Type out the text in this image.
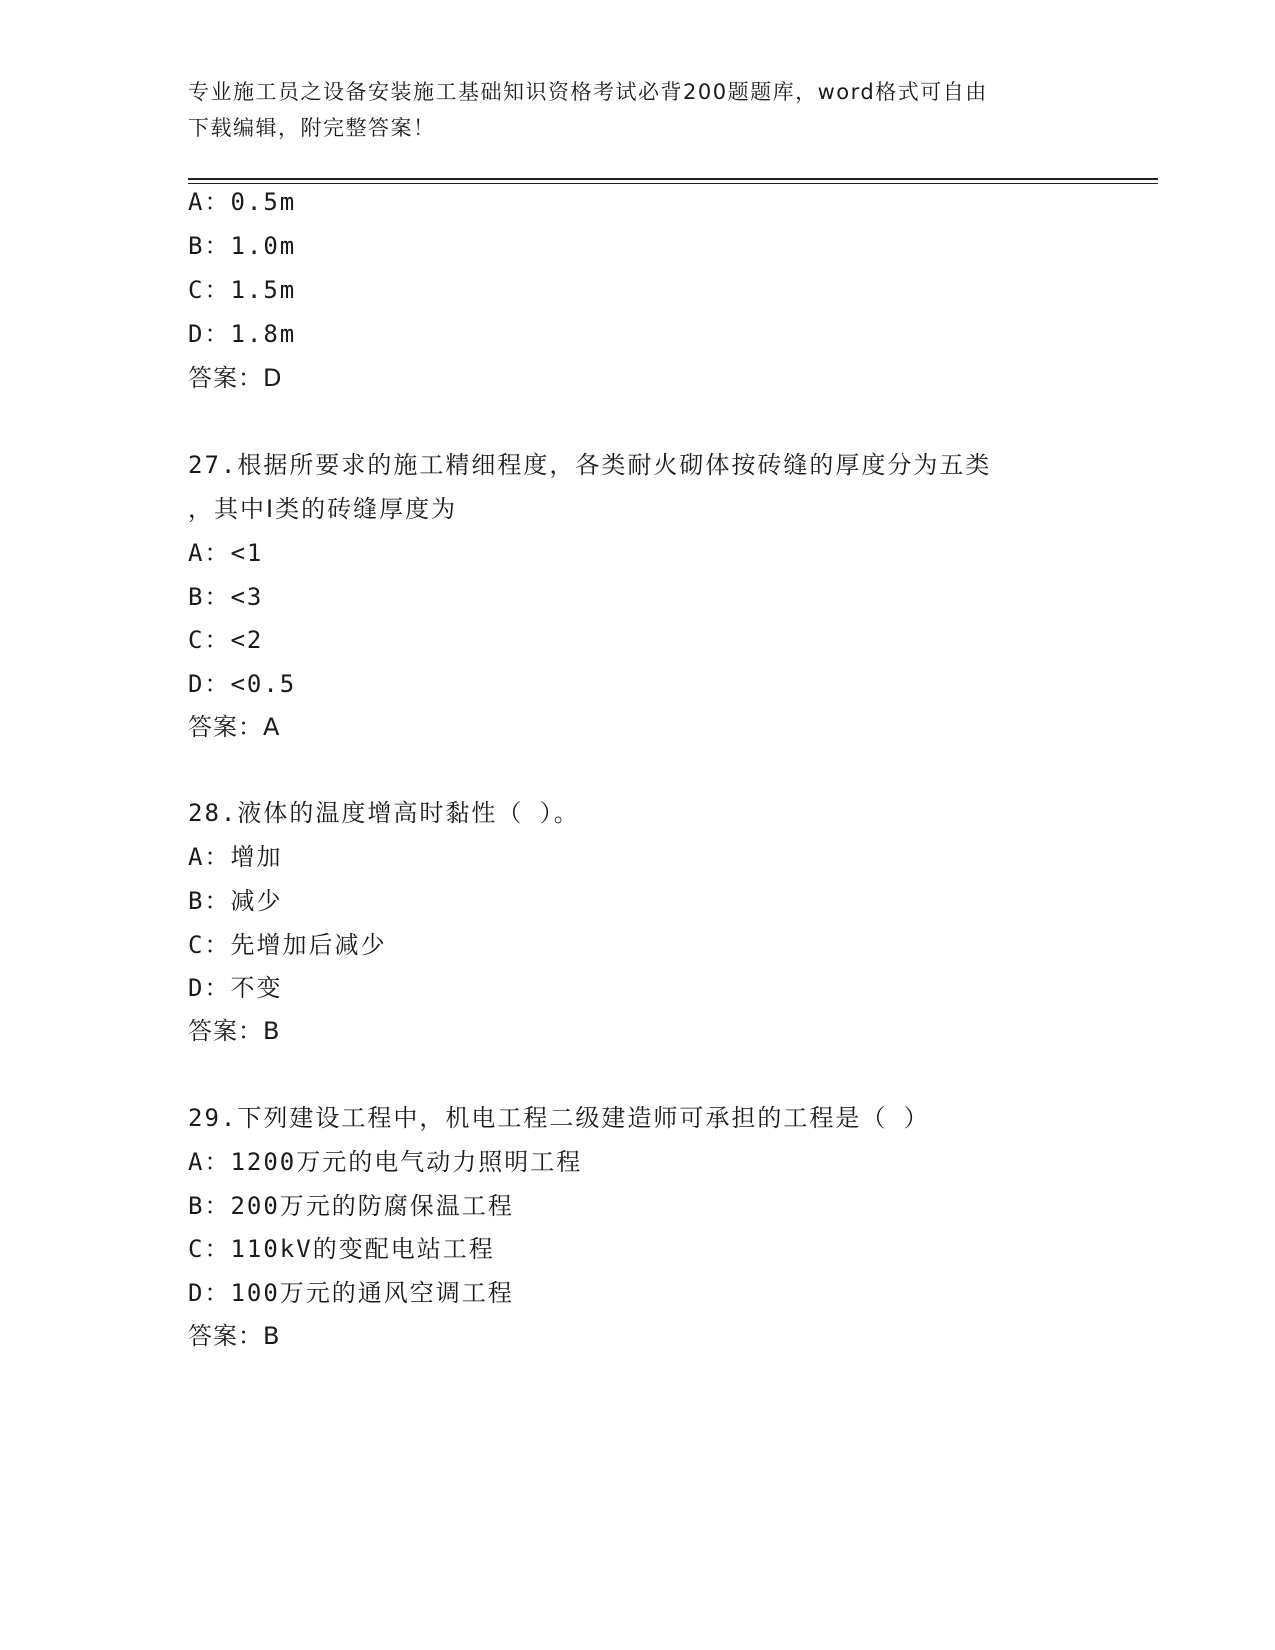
专业施工员之设备安装施工基础知识资格考试必背200题题库，word格式可自由
下载编辑，附完整答案！
A：0.5m
B：1.0m
C：1.5m
D：1.8m
答案：D
27.根据所要求的施工精细程度，各类耐火砌体按砖缝的厚度分为五类
，其中Ⅰ类的砖缝厚度为
A：<1
B：<3
C：<2
D：<0.5
答案：A
28.液体的温度增高时黏性（ ）。
A：增加
B：减少
C：先增加后减少
D：不变
答案：B
29.下列建设工程中，机电工程二级建造师可承担的工程是（ ）
A：1200万元的电气动力照明工程
B：200万元的防腐保温工程
C：110kV的变配电站工程
D：100万元的通风空调工程
答案：B
